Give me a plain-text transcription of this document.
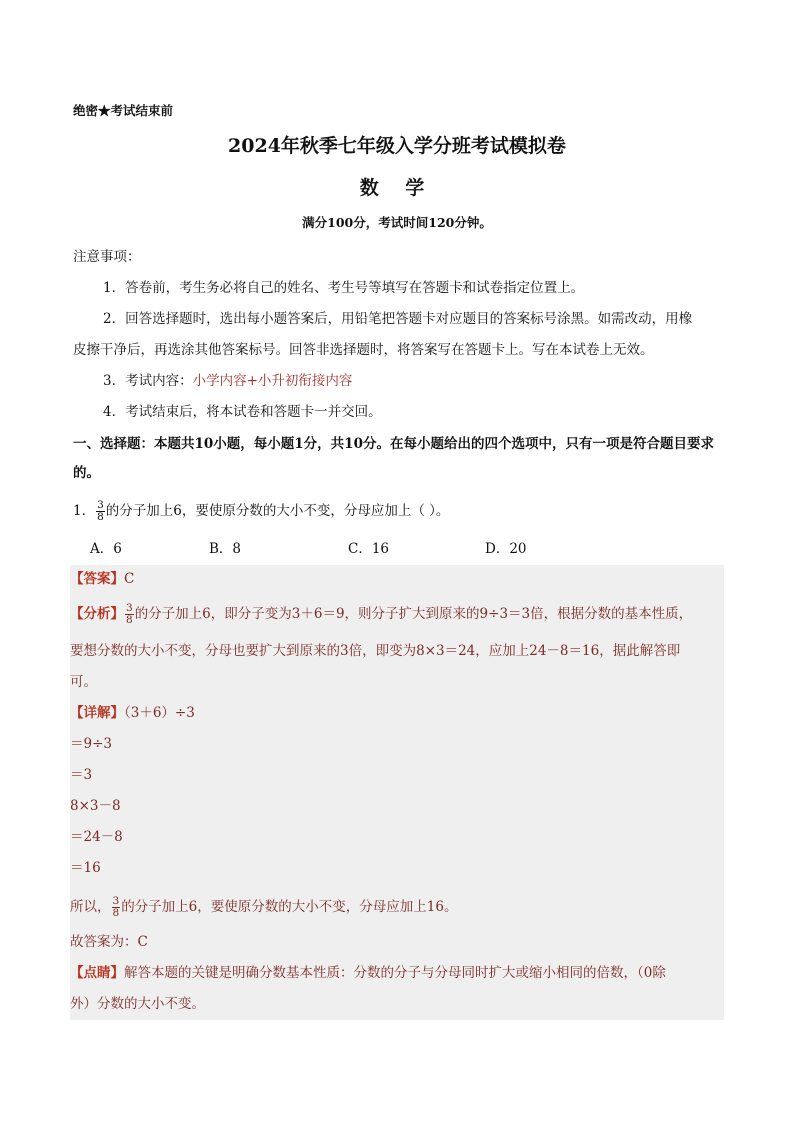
绝密★考试结束前
2024年秋季七年级入学分班考试模拟卷
数 学
满分100分，考试时间120分钟。
注意事项：
1．答卷前，考生务必将自己的姓名、考生号等填写在答题卡和试卷指定位置上。
2．回答选择题时，选出每小题答案后，用铅笔把答题卡对应题目的答案标号涂黑。如需改动，用橡
皮擦干净后，再选涂其他答案标号。回答非选择题时，将答案写在答题卡上。写在本试卷上无效。
3．考试内容：小学内容+小升初衔接内容
4．考试结束后，将本试卷和答题卡一并交回。
一、选择题：本题共10小题，每小题1分，共10分。在每小题给出的四个选项中，只有一项是符合题目要求的。
1． $\frac{3}{8}$ 的分子加上6，要使原分数的大小不变，分母应加上（ ）。
A．6	B．8	C．16	D．20
【答案】C
【分析】 $\frac{3}{8}$ 的分子加上6，即分子变为3＋6＝9，则分子扩大到原来的9÷3＝3倍，根据分数的基本性质，
要想分数的大小不变，分母也要扩大到原来的3倍，即变为8×3＝24，应加上24－8＝16，据此解答即
可。
【详解】（3＋6）÷3
＝9÷3
＝3
8×3－8
＝24－8
＝16
所以， $\frac{3}{8}$ 的分子加上6，要使原分数的大小不变，分母应加上16。
故答案为：C
【点睛】解答本题的关键是明确分数基本性质：分数的分子与分母同时扩大或缩小相同的倍数，（0除
外）分数的大小不变。
